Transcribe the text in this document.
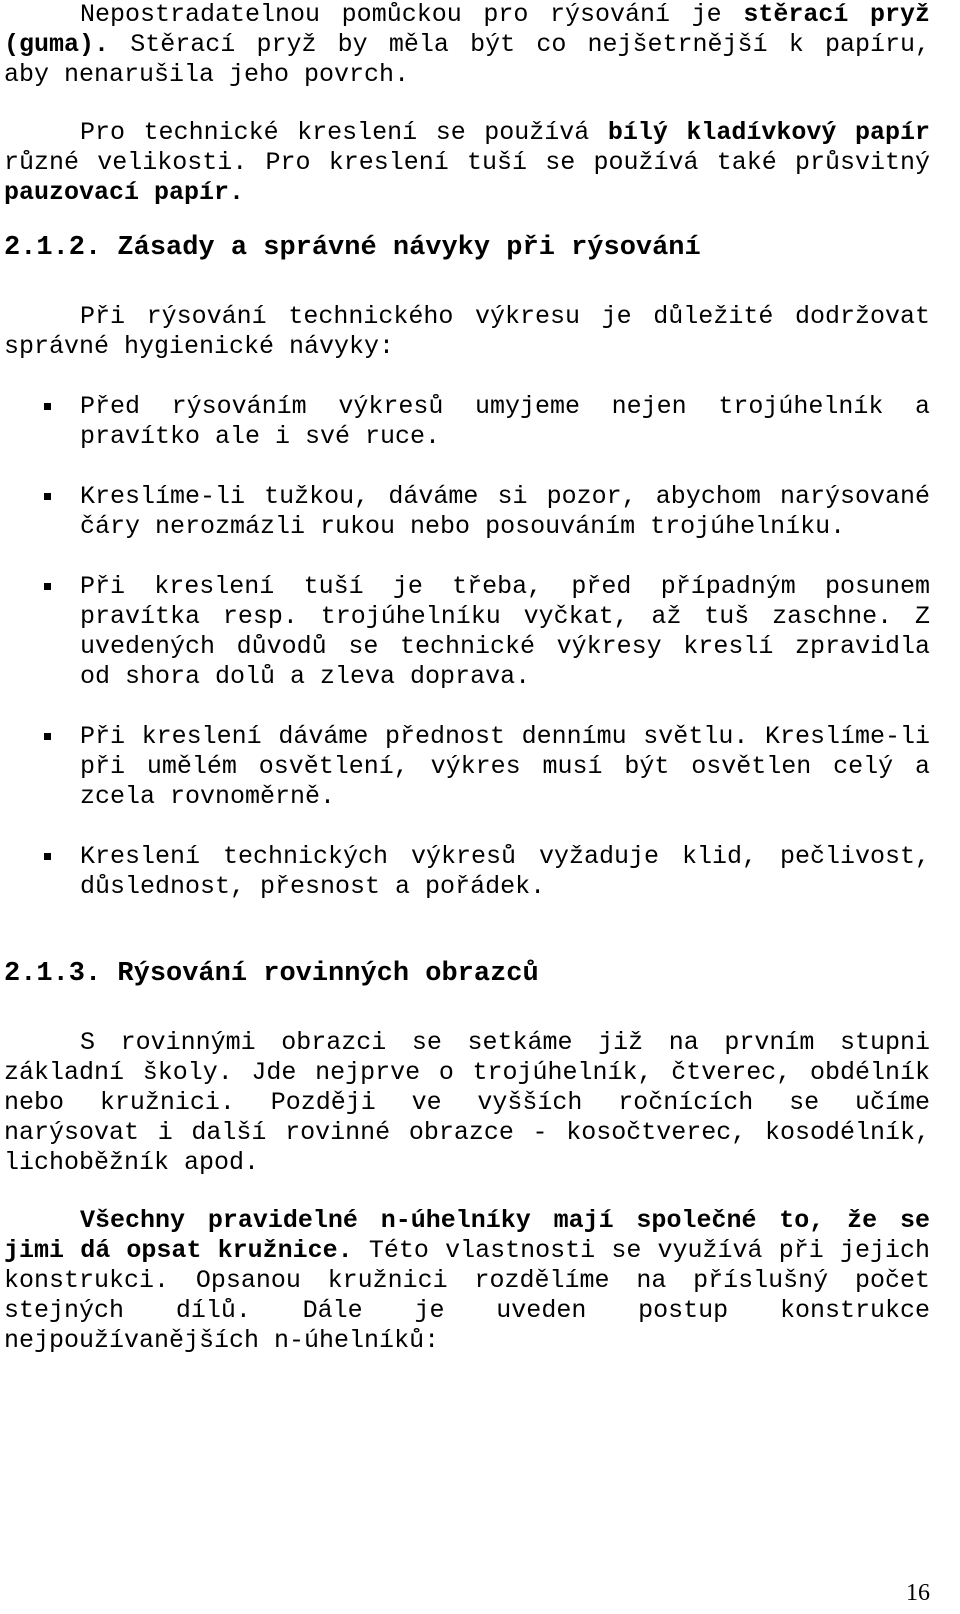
Nepostradatelnou pomůckou pro rýsování je stěrací pryž (guma). Stěrací pryž by měla být co nejšetrnější k papíru, aby nenarušila jeho povrch.

Pro technické kreslení se používá bílý kladívkový papír různé velikosti. Pro kreslení tuší se používá také průsvitný pauzovací papír.

2.1.2. Zásady a správné návyky při rýsování

Při rýsování technického výkresu je důležité dodržovat správné hygienické návyky:

Před rýsováním výkresů umyjeme nejen trojúhelník a pravítko ale i své ruce.

Kreslíme-li tužkou, dáváme si pozor, abychom narýsované čáry nerozmázli rukou nebo posouváním trojúhelníku.

Při kreslení tuší je třeba, před případným posunem pravítka resp. trojúhelníku vyčkat, až tuš zaschne. Z uvedených důvodů se technické výkresy kreslí zpravidla od shora dolů a zleva doprava.

Při kreslení dáváme přednost dennímu světlu. Kreslíme-li při umělém osvětlení, výkres musí být osvětlen celý a zcela rovnoměrně.

Kreslení technických výkresů vyžaduje klid, pečlivost, důslednost, přesnost a pořádek.

2.1.3. Rýsování rovinných obrazců

S rovinnými obrazci se setkáme již na prvním stupni základní školy. Jde nejprve o trojúhelník, čtverec, obdélník nebo kružnici. Později ve vyšších ročnících se učíme narýsovat i další rovinné obrazce - kosočtverec, kosodélník, lichoběžník apod.

Všechny pravidelné n-úhelníky mají společné to, že se jimi dá opsat kružnice. Této vlastnosti se využívá při jejich konstrukci. Opsanou kružnici rozdělíme na příslušný počet stejných dílů. Dále je uveden postup konstrukce nejpoužívanějších n-úhelníků:

16
